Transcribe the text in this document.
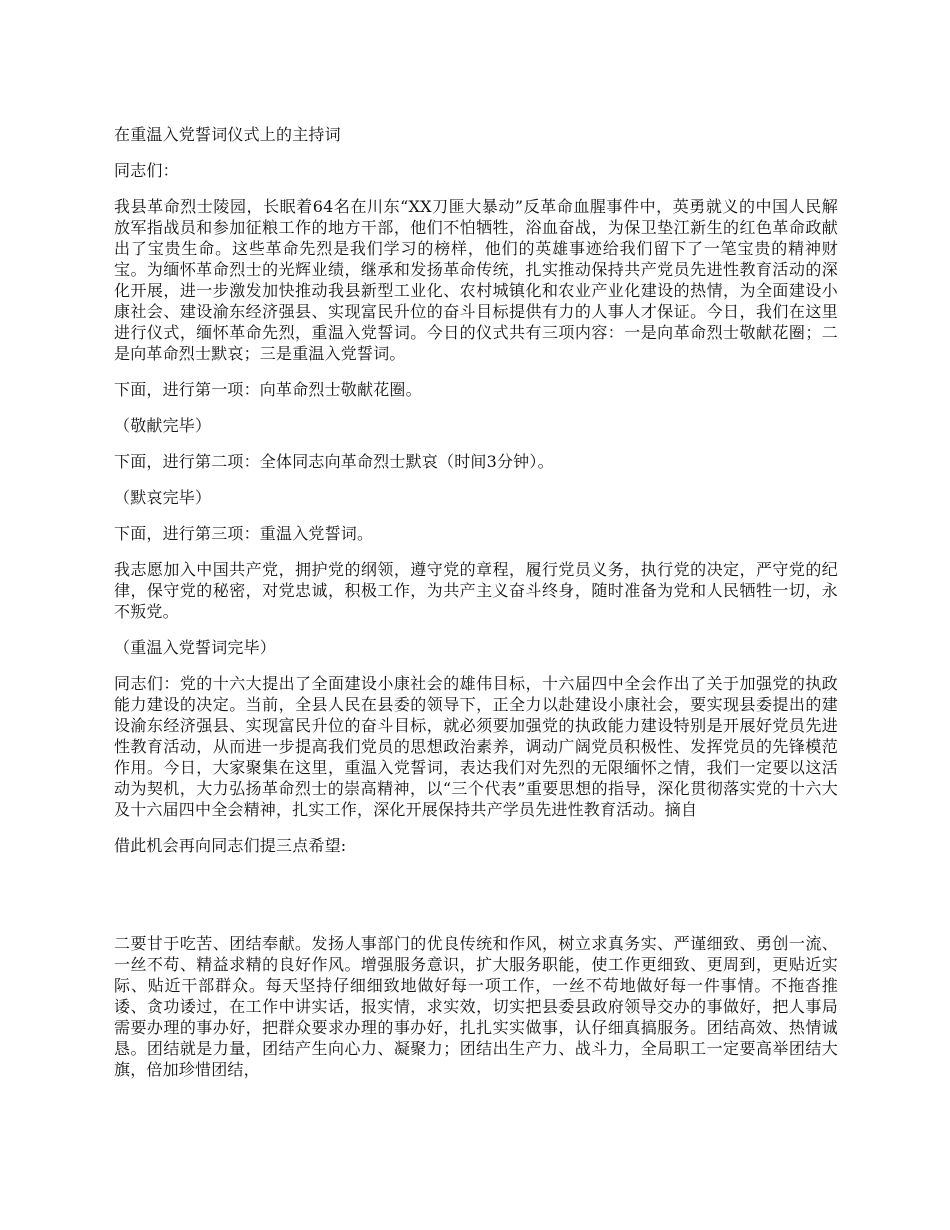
在重温入党誓词仪式上的主持词

同志们：

我县革命烈士陵园，长眠着64名在川东“XX刀匪大暴动”反革命血腥事件中，英勇就义的中国人民解放军指战员和参加征粮工作的地方干部，他们不怕牺牲，浴血奋战，为保卫垫江新生的红色革命政献出了宝贵生命。这些革命先烈是我们学习的榜样，他们的英雄事迹给我们留下了一笔宝贵的精神财宝。为缅怀革命烈士的光辉业绩，继承和发扬革命传统，扎实推动保持共产党员先进性教育活动的深化开展，进一步激发加快推动我县新型工业化、农村城镇化和农业产业化建设的热情，为全面建设小康社会、建设渝东经济强县、实现富民升位的奋斗目标提供有力的人事人才保证。今日，我们在这里进行仪式，缅怀革命先烈，重温入党誓词。今日的仪式共有三项内容：一是向革命烈士敬献花圈；二是向革命烈士默哀；三是重温入党誓词。

下面，进行第一项：向革命烈士敬献花圈。

（敬献完毕）

下面，进行第二项：全体同志向革命烈士默哀（时间3分钟）。

（默哀完毕）

下面，进行第三项：重温入党誓词。

我志愿加入中国共产党，拥护党的纲领，遵守党的章程，履行党员义务，执行党的决定，严守党的纪律，保守党的秘密，对党忠诚，积极工作，为共产主义奋斗终身，随时准备为党和人民牺牲一切，永不叛党。

（重温入党誓词完毕）

同志们：党的十六大提出了全面建设小康社会的雄伟目标，十六届四中全会作出了关于加强党的执政能力建设的决定。当前，全县人民在县委的领导下，正全力以赴建设小康社会，要实现县委提出的建设渝东经济强县、实现富民升位的奋斗目标，就必须要加强党的执政能力建设特别是开展好党员先进性教育活动，从而进一步提高我们党员的思想政治素养，调动广阔党员积极性、发挥党员的先锋模范作用。今日，大家聚集在这里，重温入党誓词，表达我们对先烈的无限缅怀之情，我们一定要以这活动为契机，大力弘扬革命烈士的崇高精神，以“三个代表”重要思想的指导，深化贯彻落实党的十六大及十六届四中全会精神，扎实工作，深化开展保持共产学员先进性教育活动。摘自

借此机会再向同志们提三点希望:

二要甘于吃苦、团结奉献。发扬人事部门的优良传统和作风，树立求真务实、严谨细致、勇创一流、一丝不苟、精益求精的良好作风。增强服务意识，扩大服务职能，使工作更细致、更周到，更贴近实际、贴近干部群众。每天坚持仔细细致地做好每一项工作，一丝不苟地做好每一件事情。不拖沓推诿、贪功诿过，在工作中讲实话，报实情，求实效，切实把县委县政府领导交办的事做好，把人事局需要办理的事办好，把群众要求办理的事办好，扎扎实实做事，认仔细真搞服务。团结高效、热情诚恳。团结就是力量，团结产生向心力、凝聚力；团结出生产力、战斗力，全局职工一定要高举团结大旗，倍加珍惜团结，
